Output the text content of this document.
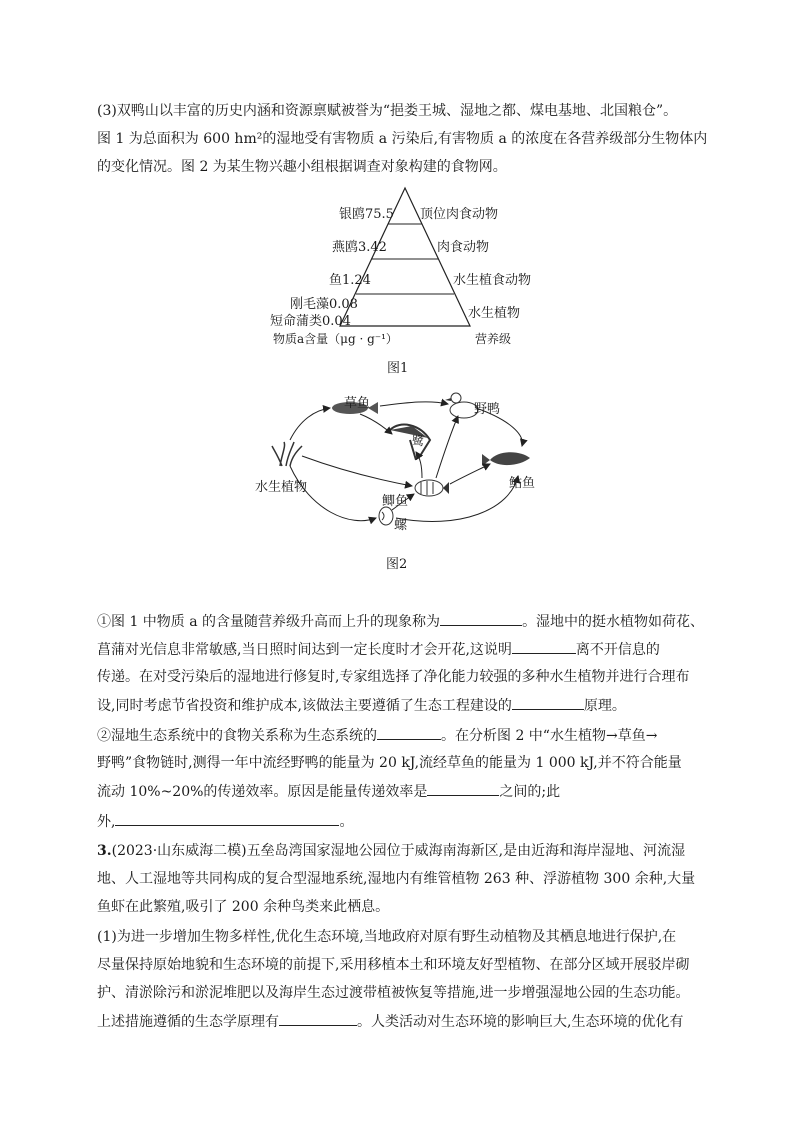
(3)双鸭山以丰富的历史内涵和资源禀赋被誉为“挹娄王城、湿地之都、煤电基地、北国粮仓”。
图 1 为总面积为 600 hm²的湿地受有害物质 a 污染后,有害物质 a 的浓度在各营养级部分生物体内
的变化情况。图 2 为某生物兴趣小组根据调查对象构建的食物网。
银鸥75.5
燕鸥3.42
鱼1.24
刚毛藻0.08
短命蒲类0.04
顶位肉食动物
肉食动物
水生植食动物
水生植物
物质a含量（μg · g⁻¹）	营养级
图1
草鱼	野鸭
鹭
水生植物
鲫鱼
螺
鲇鱼
图2
①图 1 中物质 a 的含量随营养级升高而上升的现象称为	。湿地中的挺水植物如荷花、
菖蒲对光信息非常敏感,当日照时间达到一定长度时才会开花,这说明	离不开信息的
传递。在对受污染后的湿地进行修复时,专家组选择了净化能力较强的多种水生植物并进行合理布
设,同时考虑节省投资和维护成本,该做法主要遵循了生态工程建设的	原理。
②湿地生态系统中的食物关系称为生态系统的	。在分析图 2 中“水生植物→草鱼→
野鸭”食物链时,测得一年中流经野鸭的能量为 20 kJ,流经草鱼的能量为 1 000 kJ,并不符合能量
流动 10%~20%的传递效率。原因是能量传递效率是	之间的;此
外,	。
3.(2023·山东威海二模)五垒岛湾国家湿地公园位于威海南海新区,是由近海和海岸湿地、河流湿
地、人工湿地等共同构成的复合型湿地系统,湿地内有维管植物 263 种、浮游植物 300 余种,大量
鱼虾在此繁殖,吸引了 200 余种鸟类来此栖息。
(1)为进一步增加生物多样性,优化生态环境,当地政府对原有野生动植物及其栖息地进行保护,在
尽量保持原始地貌和生态环境的前提下,采用移植本土和环境友好型植物、在部分区域开展驳岸砌
护、清淤除污和淤泥堆肥以及海岸生态过渡带植被恢复等措施,进一步增强湿地公园的生态功能。
上述措施遵循的生态学原理有	。人类活动对生态环境的影响巨大,生态环境的优化有
